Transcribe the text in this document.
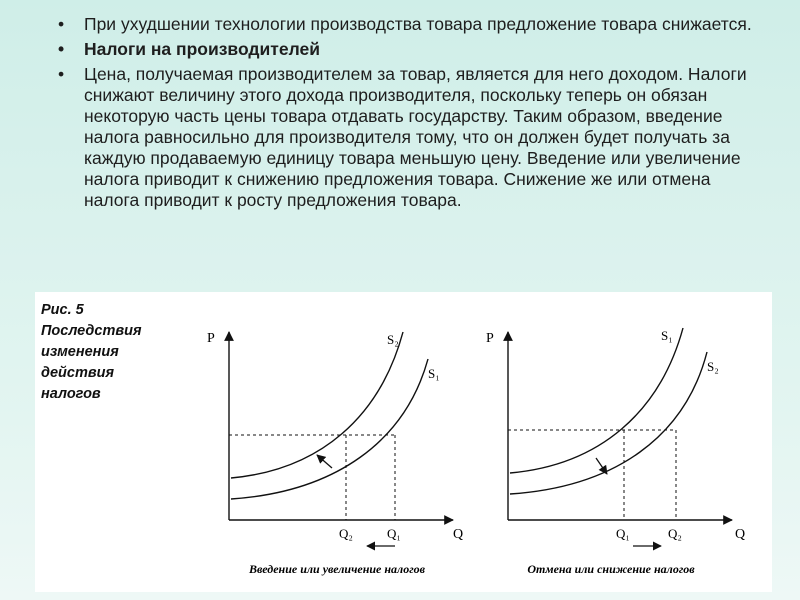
• При ухудшении технологии производства товара предложение товара снижается.
• Налоги на производителей
• Цена, получаемая производителем за товар, является для него доходом. Налоги снижают величину этого дохода производителя, поскольку теперь он обязан некоторую часть цены товара отдавать государству. Таким образом, введение налога равносильно для производителя тому, что он должен будет получать за каждую продаваемую единицу товара меньшую цену. Введение или увеличение налога приводит к снижению предложения товара. Снижение же или отмена налога приводит к росту предложения товара.
Рис. 5
Последствия
изменения
действия
налогов
P
Q
S₂
S₁
Q₂	Q₁
Введение или увеличение налогов
P
Q
S₁
S₂
Q₁	Q₂
Отмена или снижение налогов
